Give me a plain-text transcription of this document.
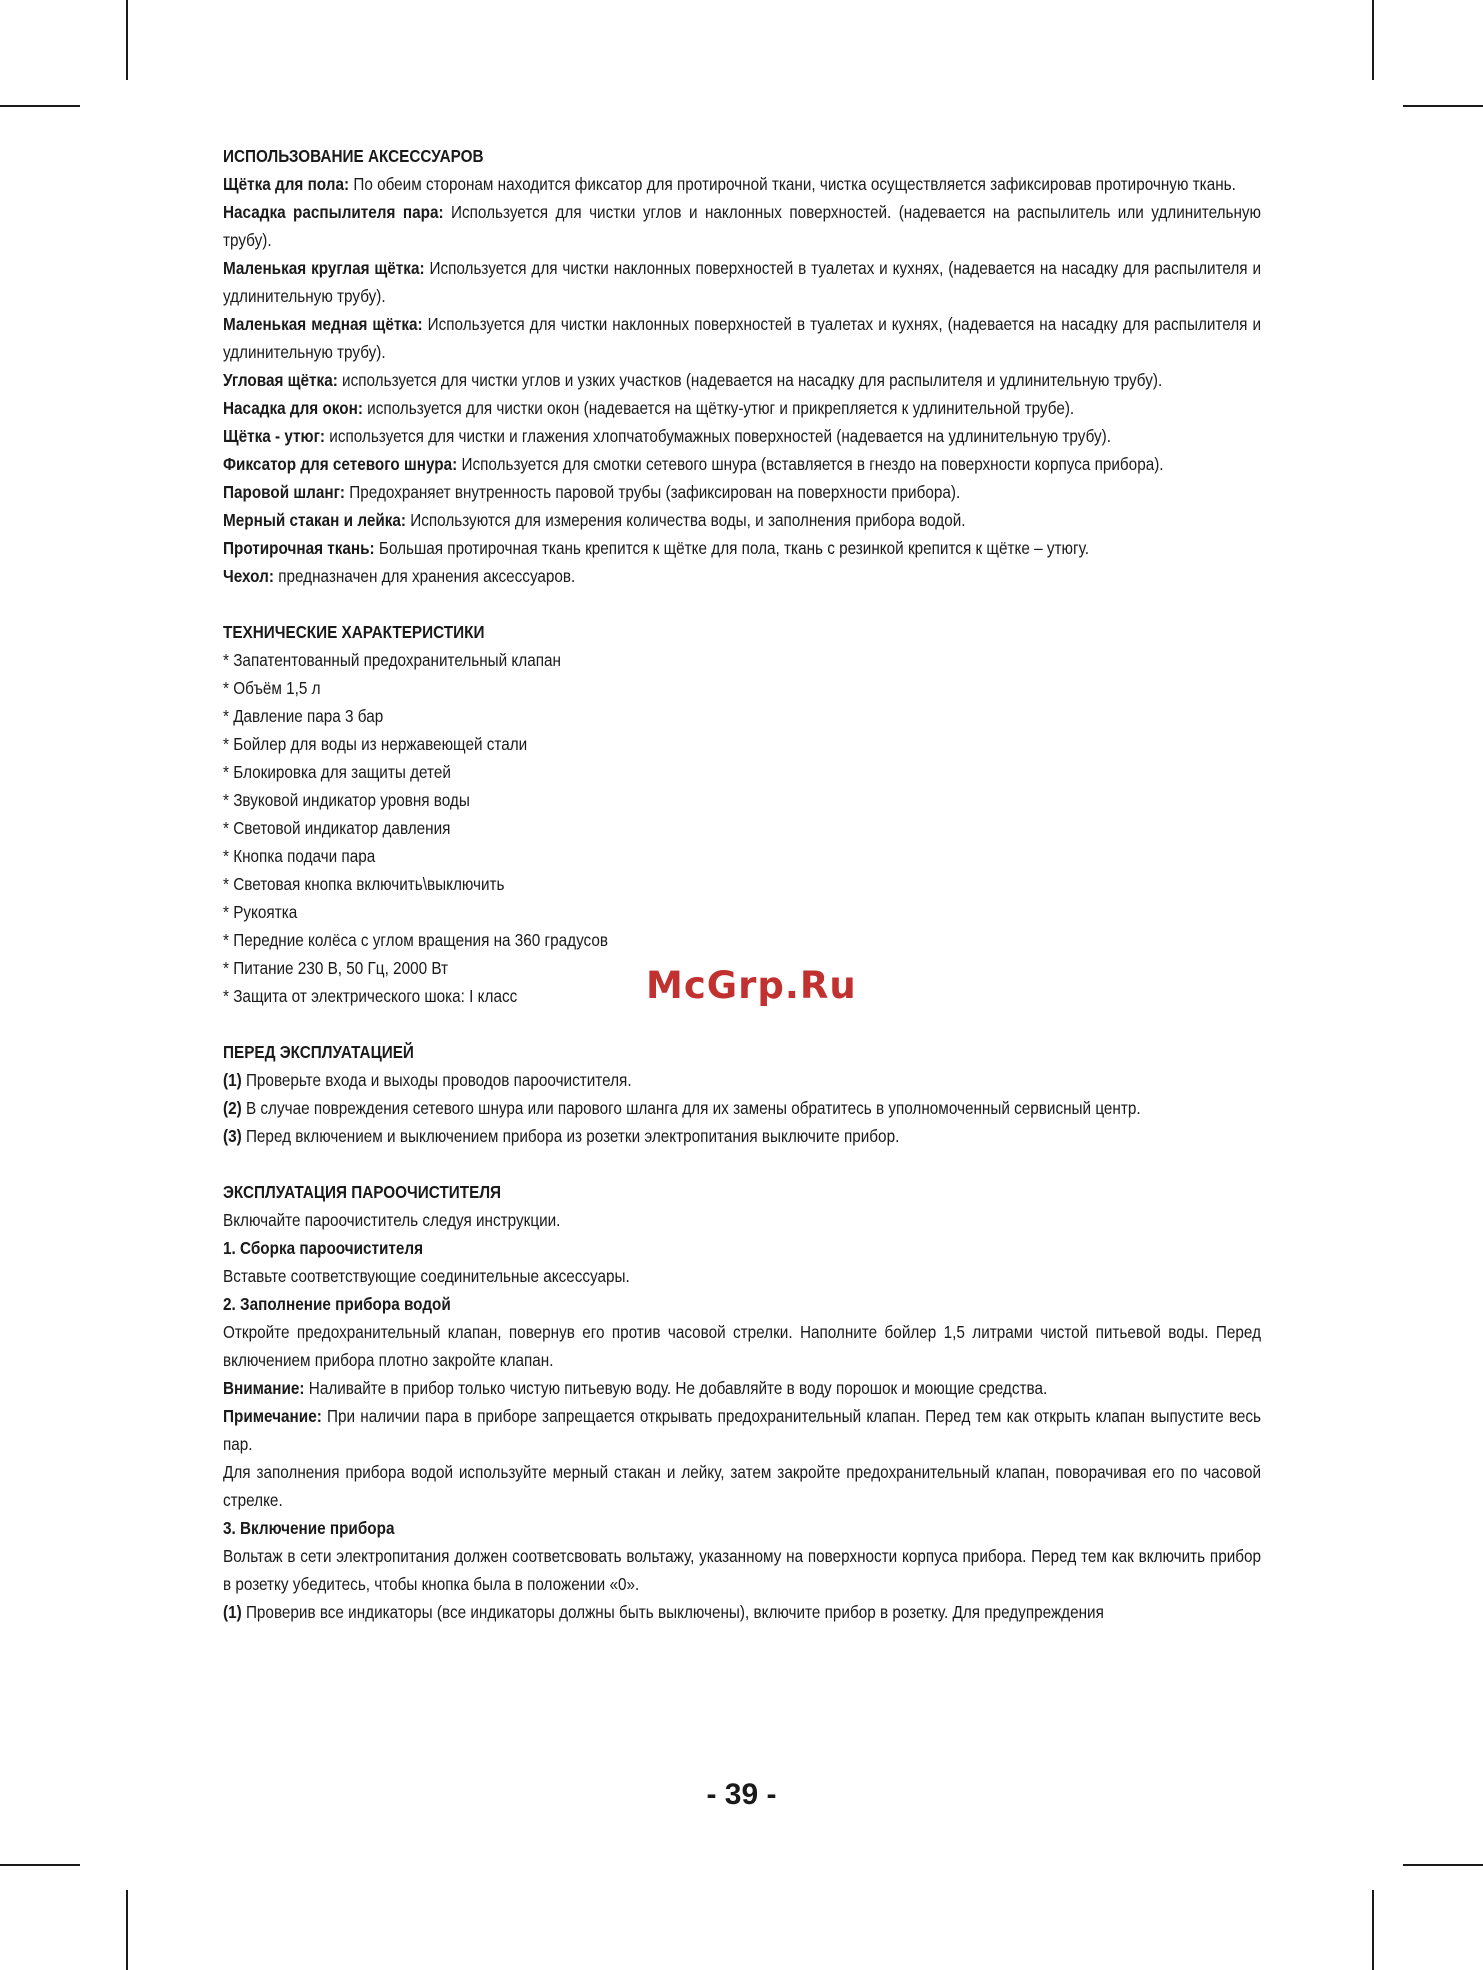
ИСПОЛЬЗОВАНИЕ АКСЕССУАРОВ

Щётка для пола: По обеим сторонам находится фиксатор для протирочной ткани, чистка осуществляется зафиксировав протирочную ткань.

Насадка распылителя пара: Используется для чистки углов и наклонных поверхностей. (надевается на распылитель или удлинительную трубу).

Маленькая круглая щётка: Используется для чистки наклонных поверхностей в туалетах и кухнях, (надевается на насадку для распылителя и удлинительную трубу).

Маленькая медная щётка: Используется для чистки наклонных поверхностей в туалетах и кухнях, (надевается на насадку для распылителя и удлинительную трубу).

Угловая щётка: используется для чистки углов и узких участков (надевается на насадку для распылителя и удлинительную трубу).

Насадка для окон: используется для чистки окон (надевается на щётку-утюг и прикрепляется к удлинительной трубе).

Щётка - утюг: используется для чистки и глажения хлопчатобумажных поверхностей (надевается на удлинительную трубу).

Фиксатор для сетевого шнура: Используется для смотки сетевого шнура (вставляется в гнездо на поверхности корпуса прибора).

Паровой шланг: Предохраняет внутренность паровой трубы (зафиксирован на поверхности прибора).

Мерный стакан и лейка: Используются для измерения количества воды, и заполнения прибора водой.

Протирочная ткань: Большая протирочная ткань крепится к щётке для пола, ткань с резинкой крепится к щётке – утюгу.

Чехол: предназначен для хранения аксессуаров.

ТЕХНИЧЕСКИЕ ХАРАКТЕРИСТИКИ

* Запатентованный предохранительный клапан

* Объём 1,5 л

* Давление пара 3 бар

* Бойлер для воды из нержавеющей стали

* Блокировка для защиты детей

* Звуковой индикатор уровня воды

* Световой индикатор давления

* Кнопка подачи пара

* Световая кнопка включить\выключить

* Рукоятка

* Передние колёса с углом вращения на 360 градусов

* Питание 230 В, 50 Гц, 2000 Вт

* Защита от электрического шока: I класс

ПЕРЕД ЭКСПЛУАТАЦИЕЙ

(1) Проверьте входа и выходы проводов пароочистителя.

(2) В случае повреждения сетевого шнура или парового шланга для их замены обратитесь в уполномоченный сервисный центр.

(3) Перед включением и выключением прибора из розетки электропитания выключите прибор.

ЭКСПЛУАТАЦИЯ ПАРООЧИСТИТЕЛЯ

Включайте пароочиститель следуя инструкции.

1. Сборка пароочистителя

Вставьте соответствующие соединительные аксессуары.

2. Заполнение прибора водой

Откройте предохранительный клапан, повернув его против часовой стрелки. Наполните бойлер 1,5 литрами чистой питьевой воды. Перед включением прибора плотно закройте клапан.

Внимание: Наливайте в прибор только чистую питьевую воду. Не добавляйте в воду порошок и моющие средства.

Примечание: При наличии пара в приборе запрещается открывать предохранительный клапан. Перед тем как открыть клапан выпустите весь пар.

Для заполнения прибора водой используйте мерный стакан и лейку, затем закройте предохранительный клапан, поворачивая его по часовой стрелке.

3. Включение прибора

Вольтаж в сети электропитания должен соответсвовать вольтажу, указанному на поверхности корпуса прибора. Перед тем как включить прибор в розетку убедитесь, чтобы кнопка была в положении «0».

(1) Проверив все индикаторы (все индикаторы должны быть выключены), включите прибор в розетку. Для предупреждения

McGrp.Ru
- 39 -
